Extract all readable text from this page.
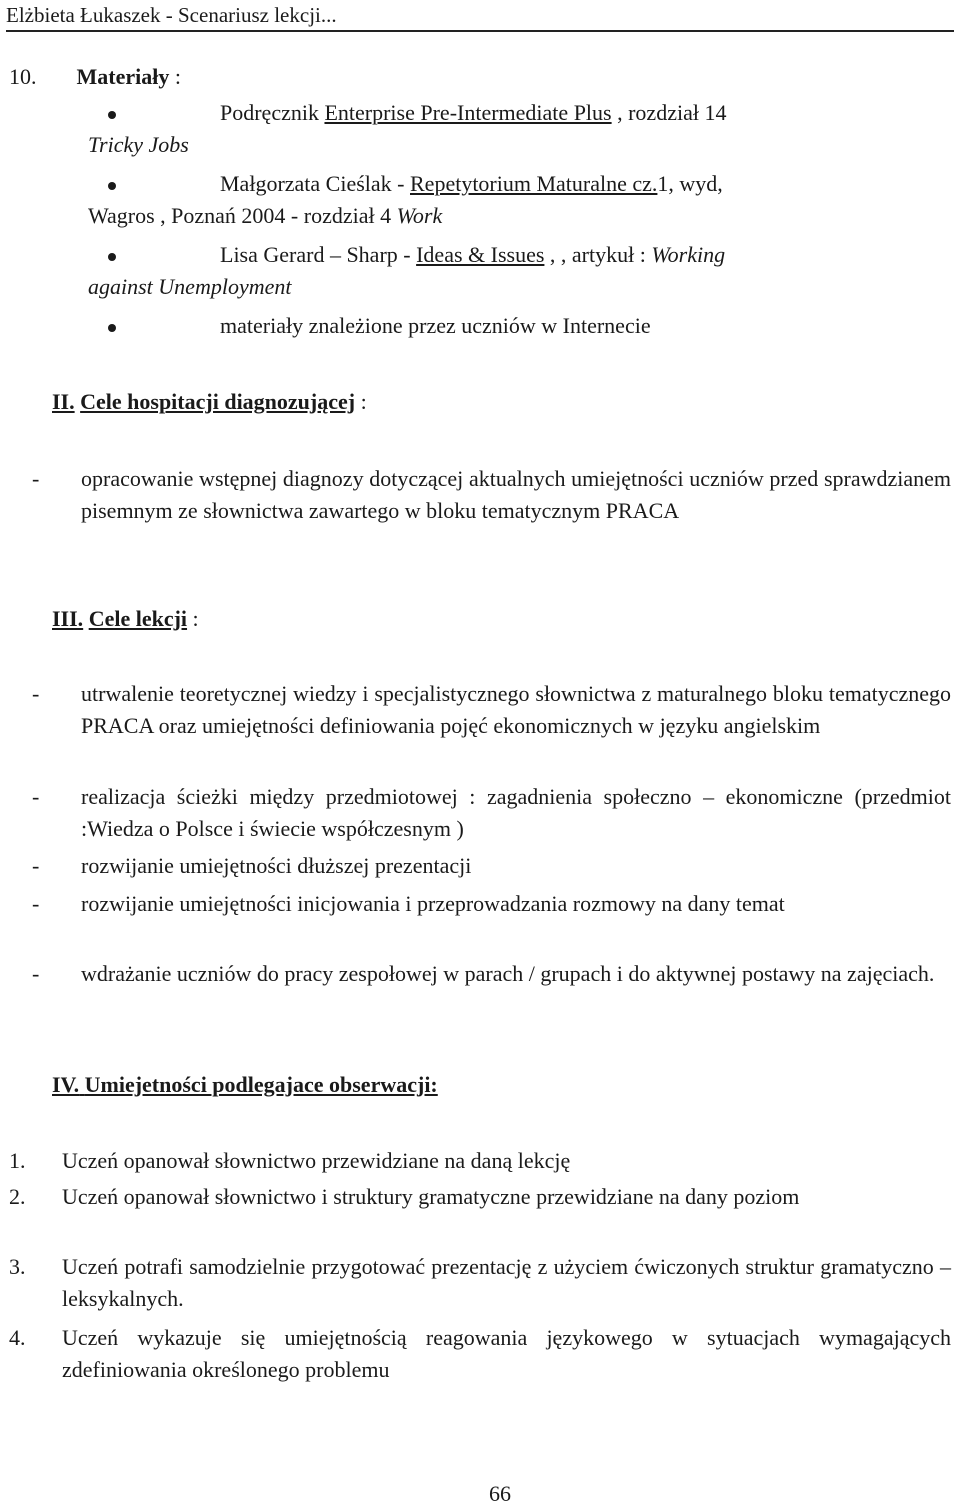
Elżbieta Łukaszek - Scenariusz lekcji...
10. Materiały :
Podręcznik Enterprise Pre-Intermediate Plus , rozdział 14
Tricky Jobs
Małgorzata Cieślak - Repetytorium Maturalne cz.1, wyd,
Wagros , Poznań 2004 - rozdział 4 Work
Lisa Gerard – Sharp - Ideas & Issues , , artykuł : Working
against Unemployment
materiały znależione przez uczniów w Internecie
II. Cele hospitacji diagnozującej :
- opracowanie wstępnej diagnozy dotyczącej aktualnych umiejętności uczniów przed sprawdzianem pisemnym ze słownictwa zawartego w bloku tematycznym PRACA
III. Cele lekcji :
- utrwalenie teoretycznej wiedzy i specjalistycznego słownictwa z maturalnego bloku tematycznego PRACA oraz umiejętności definiowania pojęć ekonomicznych w języku angielskim
- realizacja ścieżki między przedmiotowej : zagadnienia społeczno – ekonomiczne (przedmiot :Wiedza o Polsce i świecie współczesnym )
- rozwijanie umiejętności dłuższej prezentacji
- rozwijanie umiejętności inicjowania i przeprowadzania rozmowy na dany temat
- wdrażanie uczniów do pracy zespołowej w parach / grupach i do aktywnej postawy na zajęciach.
IV. Umiejetności podlegajace obserwacji:
1. Uczeń opanował słownictwo przewidziane na daną lekcję
2. Uczeń opanował słownictwo i struktury gramatyczne przewidziane na dany poziom
3. Uczeń potrafi samodzielnie przygotować prezentację z użyciem ćwiczonych struktur gramatyczno – leksykalnych.
4. Uczeń wykazuje się umiejętnością reagowania językowego w sytuacjach wymagających zdefiniowania określonego problemu
66
